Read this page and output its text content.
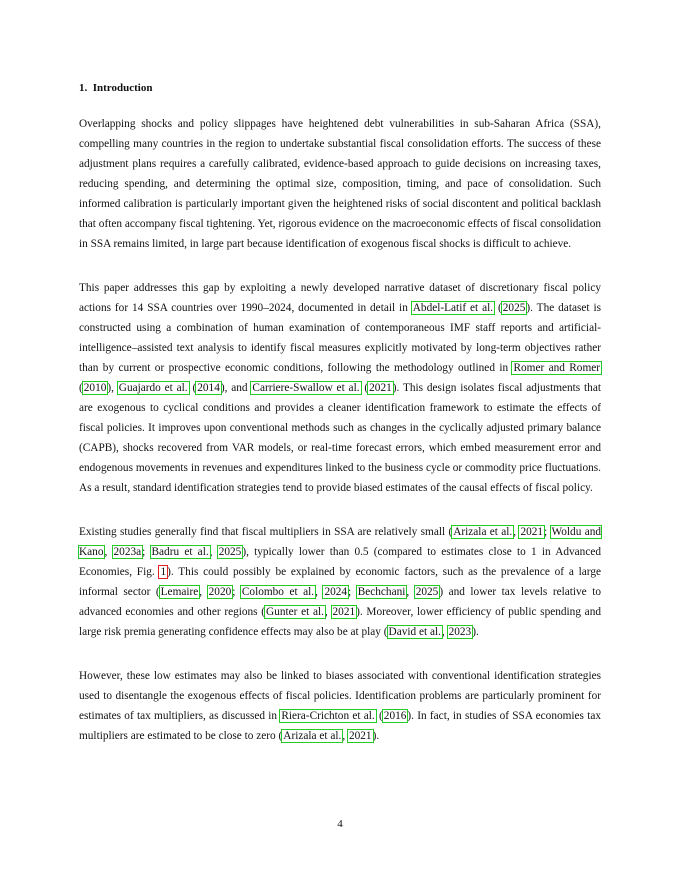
1. Introduction

Overlapping shocks and policy slippages have heightened debt vulnerabilities in sub-Saharan Africa (SSA), compelling many countries in the region to undertake substantial fiscal consolidation efforts. The success of these adjustment plans requires a carefully calibrated, evidence-based approach to guide decisions on increasing taxes, reducing spending, and determining the optimal size, composition, timing, and pace of consolidation. Such informed calibration is particularly important given the heightened risks of social discontent and political backlash that often accompany fiscal tightening. Yet, rigorous evidence on the macroeconomic effects of fiscal consolidation in SSA remains limited, in large part because identification of exogenous fiscal shocks is difficult to achieve.

This paper addresses this gap by exploiting a newly developed narrative dataset of discretionary fiscal policy actions for 14 SSA countries over 1990–2024, documented in detail in Abdel-Latif et al. (2025). The dataset is constructed using a combination of human examination of contemporaneous IMF staff reports and artificial-intelligence–assisted text analysis to identify fiscal measures explicitly motivated by long-term objectives rather than by current or prospective economic conditions, following the methodology outlined in Romer and Romer (2010), Guajardo et al. (2014), and Carriere-Swallow et al. (2021). This design isolates fiscal adjustments that are exogenous to cyclical conditions and provides a cleaner identification framework to estimate the effects of fiscal policies. It improves upon conventional methods such as changes in the cyclically adjusted primary balance (CAPB), shocks recovered from VAR models, or real-time forecast errors, which embed measurement error and endogenous movements in revenues and expenditures linked to the business cycle or commodity price fluctuations. As a result, standard identification strategies tend to provide biased estimates of the causal effects of fiscal policy.

Existing studies generally find that fiscal multipliers in SSA are relatively small (Arizala et al., 2021; Woldu and Kano, 2023a; Badru et al., 2025), typically lower than 0.5 (compared to estimates close to 1 in Advanced Economies, Fig. 1). This could possibly be explained by economic factors, such as the prevalence of a large informal sector (Lemaire, 2020; Colombo et al., 2024; Bechchani, 2025) and lower tax levels relative to advanced economies and other regions (Gunter et al., 2021). Moreover, lower efficiency of public spending and large risk premia generating confidence effects may also be at play (David et al., 2023).

However, these low estimates may also be linked to biases associated with conventional identification strategies used to disentangle the exogenous effects of fiscal policies. Identification problems are particularly prominent for estimates of tax multipliers, as discussed in Riera-Crichton et al. (2016). In fact, in studies of SSA economies tax multipliers are estimated to be close to zero (Arizala et al., 2021).

4
